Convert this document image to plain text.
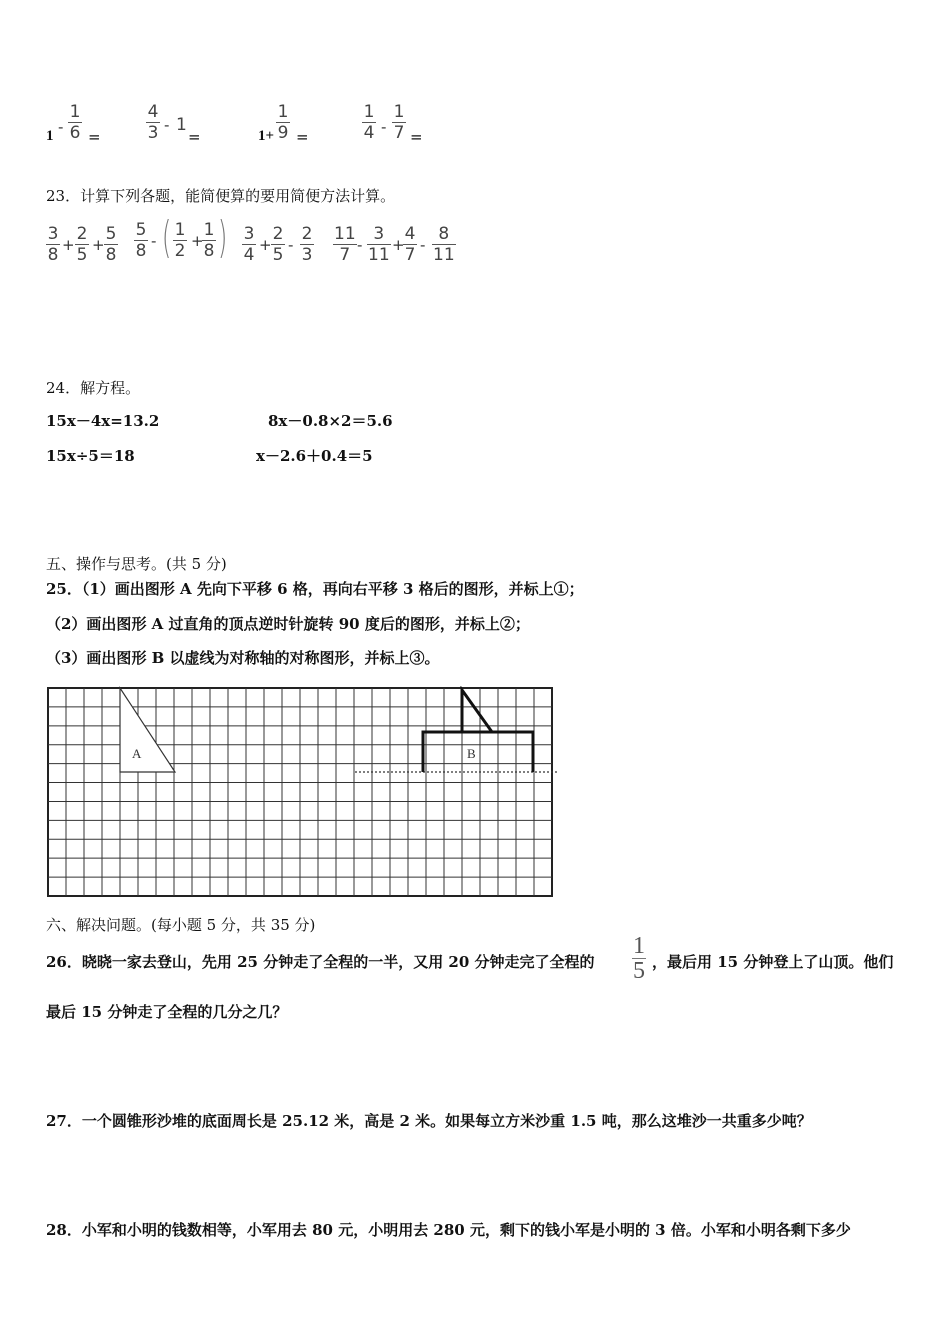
1 -
1
6 =
4
3 - 1
=	1+
1
9 =
1
4 -
1
7 =
23．计算下列各题，能简便算的要用简便方法计算。
3
8 +
2
5 +
5
8
5
8 - ( 1
2 +
1
8 ) 3
4 +
2
5 -
2
3
11
7 -
3
11 +
4
7 -
8
11
24．解方程。
15x－4x=13.2	8x－0.8×2＝5.6
15x÷5＝18	x－2.6＋0.4＝5
五、操作与思考。(共 5 分)
25．（1）画出图形 A 先向下平移 6 格，再向右平移 3 格后的图形，并标上①；
（2）画出图形 A 过直角的顶点逆时针旋转 90 度后的图形，并标上②；
（3）画出图形 B 以虚线为对称轴的对称图形，并标上③。
A	B
六、解决问题。(每小题 5 分，共 35 分)
26．晓晓一家去登山，先用 25 分钟走了全程的一半，又用 20 分钟走完了全程的
1
5 ，最后用 15 分钟登上了山顶。他们
最后 15 分钟走了全程的几分之几？
27．一个圆锥形沙堆的底面周长是 25.12 米，高是 2 米。如果每立方米沙重 1.5 吨，那么这堆沙一共重多少吨？
28．小军和小明的钱数相等，小军用去 80 元，小明用去 280 元，剩下的钱小军是小明的 3 倍。小军和小明各剩下多少
